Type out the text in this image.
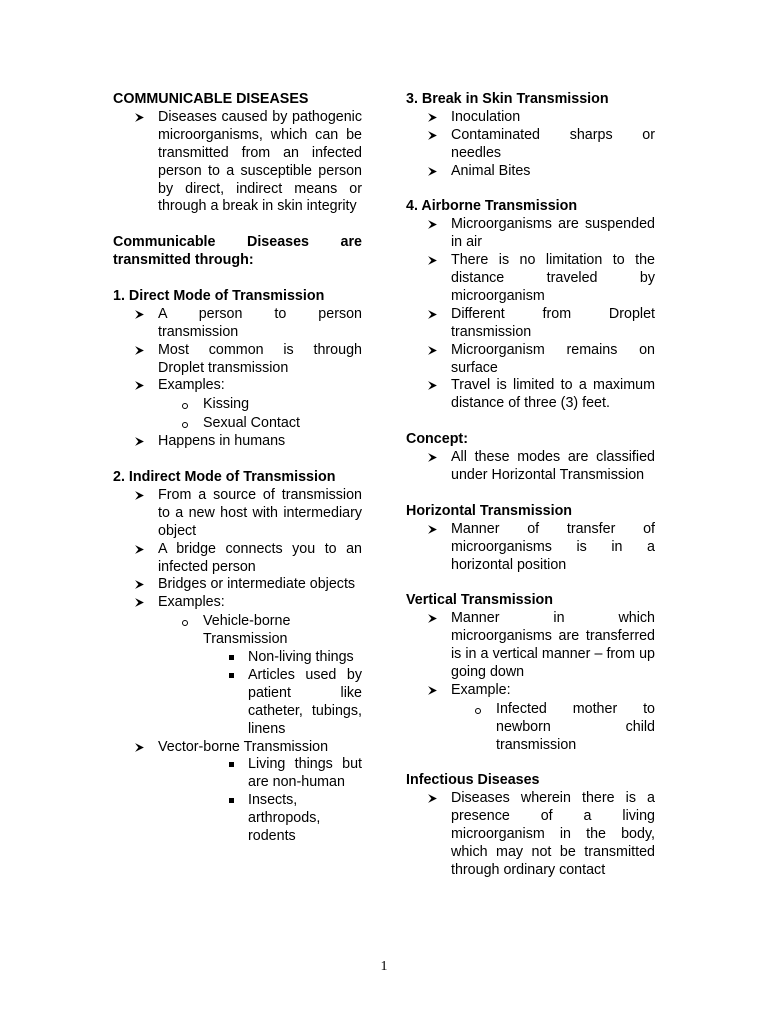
COMMUNICABLE DISEASES

Diseases caused by pathogenic microorganisms, which can be transmitted from an infected person to a susceptible person by direct, indirect means or through a break in skin integrity

Communicable Diseases are transmitted through:

1. Direct Mode of Transmission

A person to person transmission
Most common is through Droplet transmission
Examples:
Kissing
Sexual Contact
Happens in humans

2. Indirect Mode of Transmission

From a source of transmission to a new host with intermediary object
A bridge connects you to an infected person
Bridges or intermediate objects
Examples:
Vehicle-borne Transmission
Non-living things
Articles used by patient like catheter, tubings, linens
Vector-borne Transmission
Living things but are non-human
Insects, arthropods, rodents

3. Break in Skin Transmission

Inoculation
Contaminated sharps or needles
Animal Bites

4. Airborne Transmission

Microorganisms are suspended in air
There is no limitation to the distance traveled by microorganism
Different from Droplet transmission
Microorganism remains on surface
Travel is limited to a maximum distance of three (3) feet.

Concept:

All these modes are classified under Horizontal Transmission

Horizontal Transmission

Manner of transfer of microorganisms is in a horizontal position

Vertical Transmission

Manner in which microorganisms are transferred is in a vertical manner – from up going down
Example:
Infected mother to newborn child transmission

Infectious Diseases

Diseases wherein there is a presence of a living microorganism in the body, which may not be transmitted through ordinary contact
1
